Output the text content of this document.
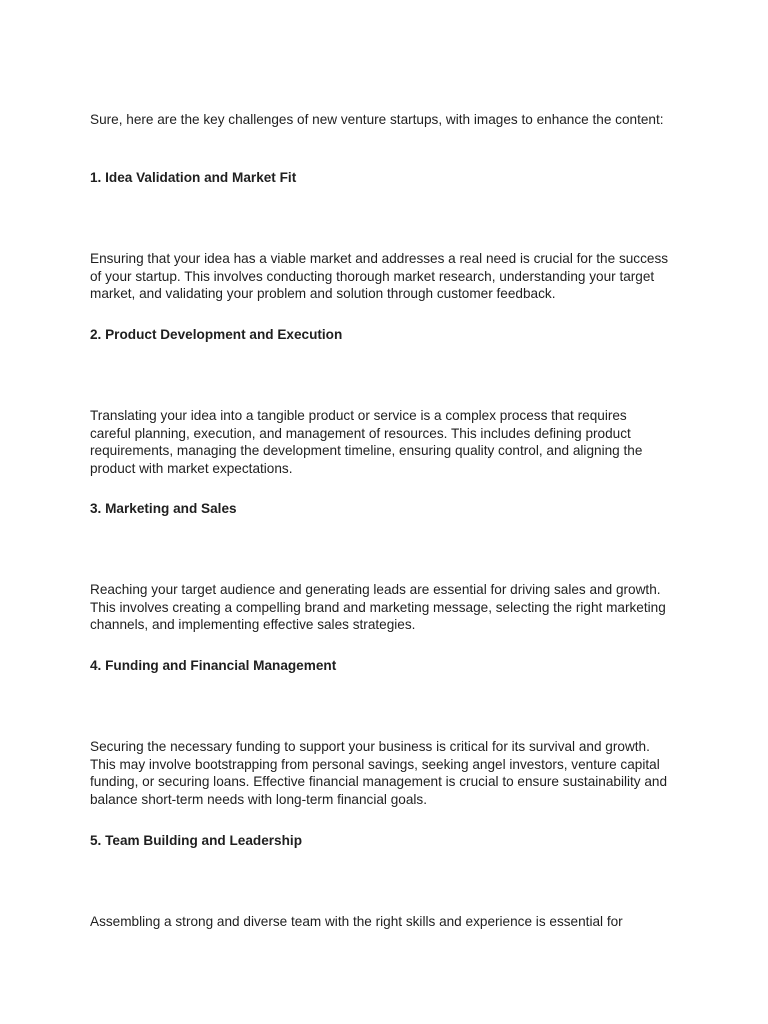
Sure, here are the key challenges of new venture startups, with images to enhance the content:

1. Idea Validation and Market Fit

Ensuring that your idea has a viable market and addresses a real need is crucial for the success of your startup. This involves conducting thorough market research, understanding your target market, and validating your problem and solution through customer feedback.

2. Product Development and Execution

Translating your idea into a tangible product or service is a complex process that requires careful planning, execution, and management of resources. This includes defining product requirements, managing the development timeline, ensuring quality control, and aligning the product with market expectations.

3. Marketing and Sales

Reaching your target audience and generating leads are essential for driving sales and growth. This involves creating a compelling brand and marketing message, selecting the right marketing channels, and implementing effective sales strategies.

4. Funding and Financial Management

Securing the necessary funding to support your business is critical for its survival and growth. This may involve bootstrapping from personal savings, seeking angel investors, venture capital funding, or securing loans. Effective financial management is crucial to ensure sustainability and balance short-term needs with long-term financial goals.

5. Team Building and Leadership

Assembling a strong and diverse team with the right skills and experience is essential for
